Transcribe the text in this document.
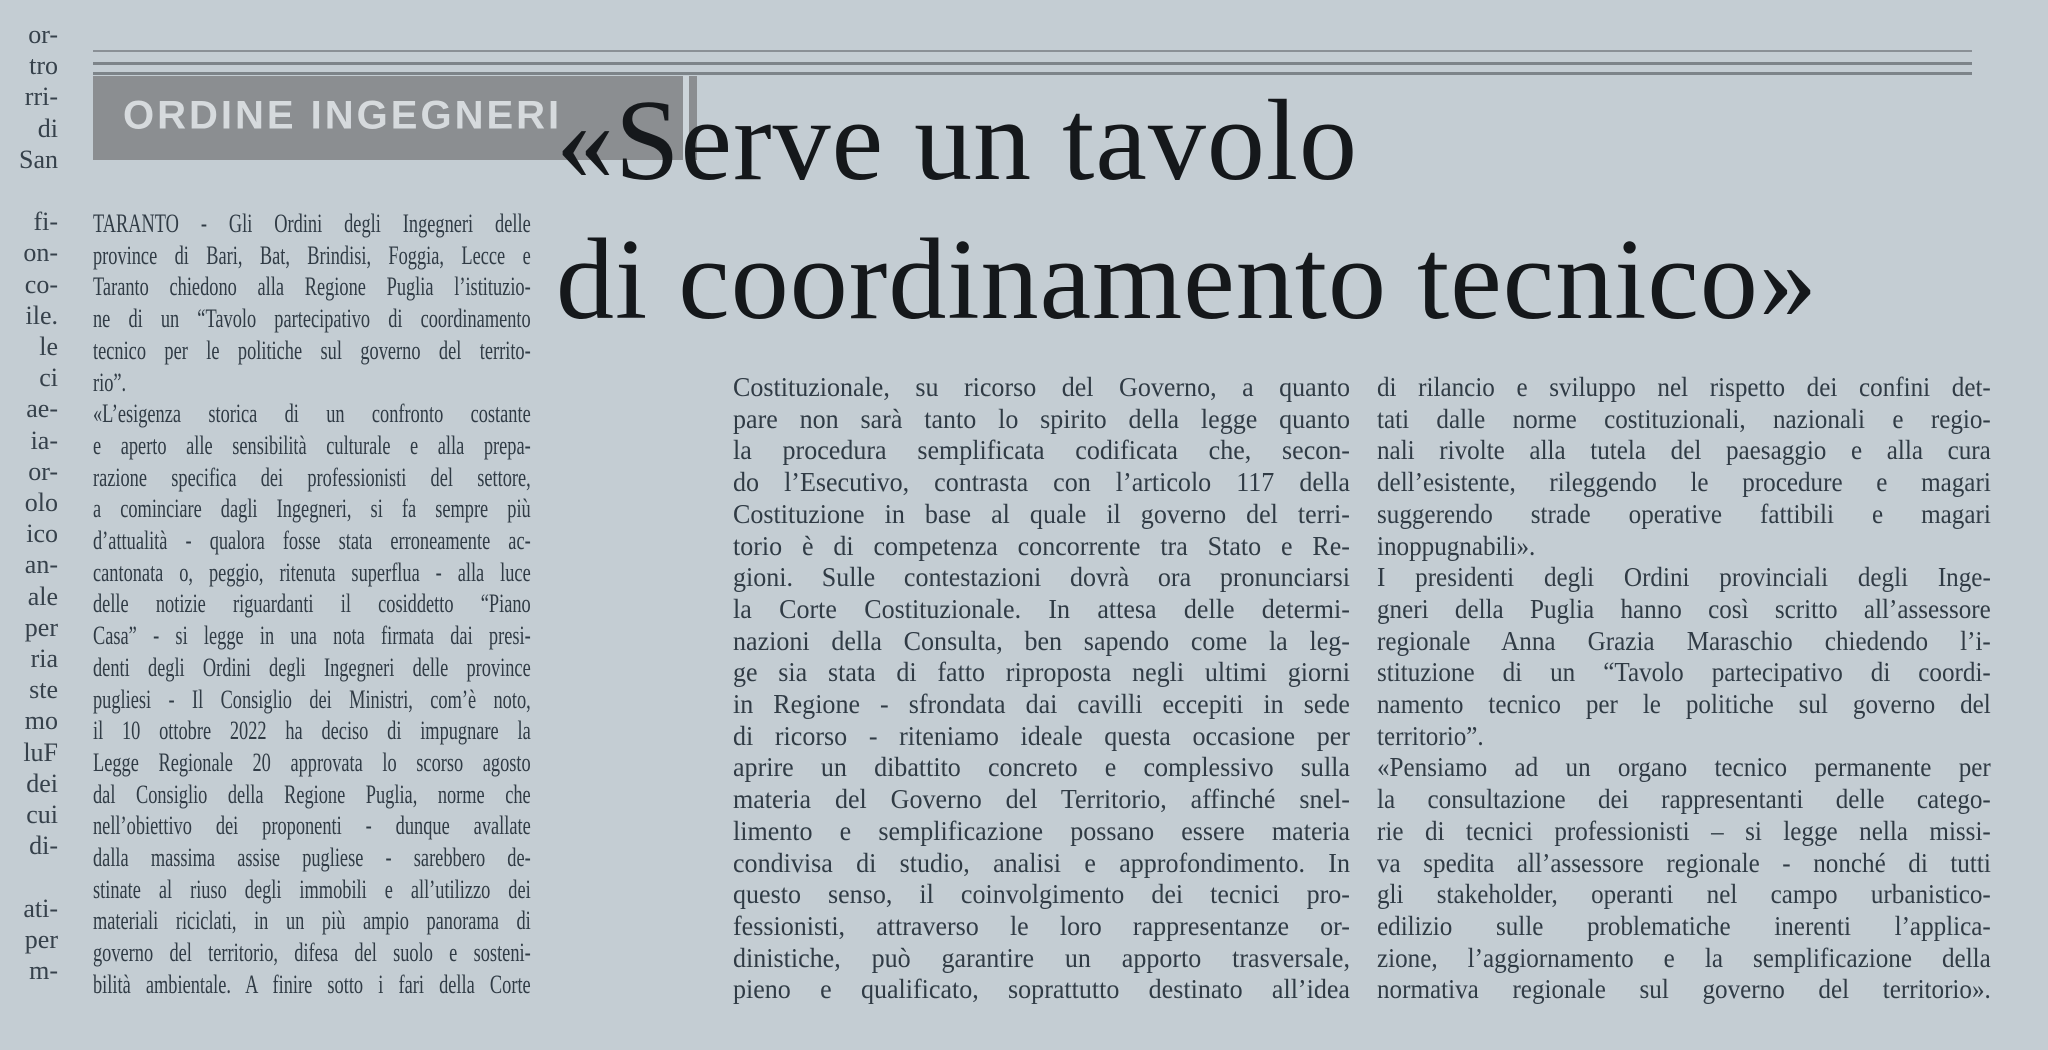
or-
tro
rri-
di
San
fi-
on-
co-
ile.
le
ci
ae-
ia-
or-
olo
ico
an-
ale
per
ria
ste
mo
luF
dei
cui
di-
ati-
per
m-
ORDINE INGEGNERI
«Serve un tavolo
di coordinamento tecnico»
TARANTO - Gli Ordini degli Ingegneri delle
province di Bari, Bat, Brindisi, Foggia, Lecce e
Taranto chiedono alla Regione Puglia l’istituzio-
ne di un “Tavolo partecipativo di coordinamento
tecnico per le politiche sul governo del territo-
rio”.
«L’esigenza storica di un confronto costante
e aperto alle sensibilità culturale e alla prepa-
razione specifica dei professionisti del settore,
a cominciare dagli Ingegneri, si fa sempre più
d’attualità - qualora fosse stata erroneamente ac-
cantonata o, peggio, ritenuta superflua - alla luce
delle notizie riguardanti il cosiddetto “Piano
Casa” - si legge in una nota firmata dai presi-
denti degli Ordini degli Ingegneri delle province
pugliesi - Il Consiglio dei Ministri, com’è noto,
il 10 ottobre 2022 ha deciso di impugnare la
Legge Regionale 20 approvata lo scorso agosto
dal Consiglio della Regione Puglia, norme che
nell’obiettivo dei proponenti - dunque avallate
dalla massima assise pugliese - sarebbero de-
stinate al riuso degli immobili e all’utilizzo dei
materiali riciclati, in un più ampio panorama di
governo del territorio, difesa del suolo e sosteni-
bilità ambientale. A finire sotto i fari della Corte
Costituzionale, su ricorso del Governo, a quanto
pare non sarà tanto lo spirito della legge quanto
la procedura semplificata codificata che, secon-
do l’Esecutivo, contrasta con l’articolo 117 della
Costituzione in base al quale il governo del terri-
torio è di competenza concorrente tra Stato e Re-
gioni. Sulle contestazioni dovrà ora pronunciarsi
la Corte Costituzionale. In attesa delle determi-
nazioni della Consulta, ben sapendo come la leg-
ge sia stata di fatto riproposta negli ultimi giorni
in Regione - sfrondata dai cavilli eccepiti in sede
di ricorso - riteniamo ideale questa occasione per
aprire un dibattito concreto e complessivo sulla
materia del Governo del Territorio, affinché snel-
limento e semplificazione possano essere materia
condivisa di studio, analisi e approfondimento. In
questo senso, il coinvolgimento dei tecnici pro-
fessionisti, attraverso le loro rappresentanze or-
dinistiche, può garantire un apporto trasversale,
pieno e qualificato, soprattutto destinato all’idea
di rilancio e sviluppo nel rispetto dei confini det-
tati dalle norme costituzionali, nazionali e regio-
nali rivolte alla tutela del paesaggio e alla cura
dell’esistente, rileggendo le procedure e magari
suggerendo strade operative fattibili e magari
inoppugnabili».
I presidenti degli Ordini provinciali degli Inge-
gneri della Puglia hanno così scritto all’assessore
regionale Anna Grazia Maraschio chiedendo l’i-
stituzione di un “Tavolo partecipativo di coordi-
namento tecnico per le politiche sul governo del
territorio”.
«Pensiamo ad un organo tecnico permanente per
la consultazione dei rappresentanti delle catego-
rie di tecnici professionisti – si legge nella missi-
va spedita all’assessore regionale - nonché di tutti
gli stakeholder, operanti nel campo urbanistico-
edilizio sulle problematiche inerenti l’applica-
zione, l’aggiornamento e la semplificazione della
normativa regionale sul governo del territorio».
